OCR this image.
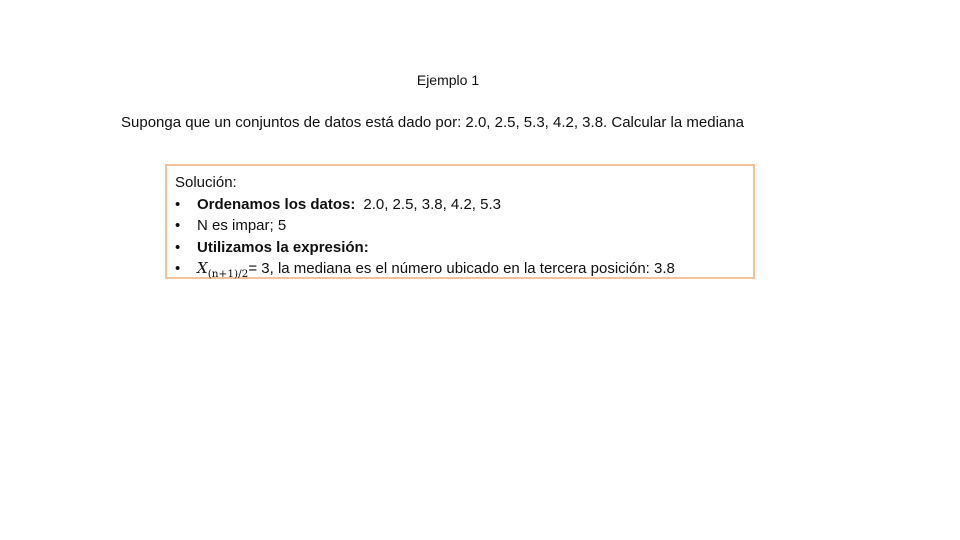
Ejemplo 1
Suponga que un conjuntos de datos está dado por: 2.0, 2.5, 5.3, 4.2, 3.8. Calcular la mediana
Solución:
•	Ordenamos los datos: 2.0, 2.5, 3.8, 4.2, 5.3
•	N es impar; 5
•	Utilizamos la expresión:
•	$X_{(n+1)/2}= 3$, la mediana es el número ubicado en la tercera posición: 3.8
